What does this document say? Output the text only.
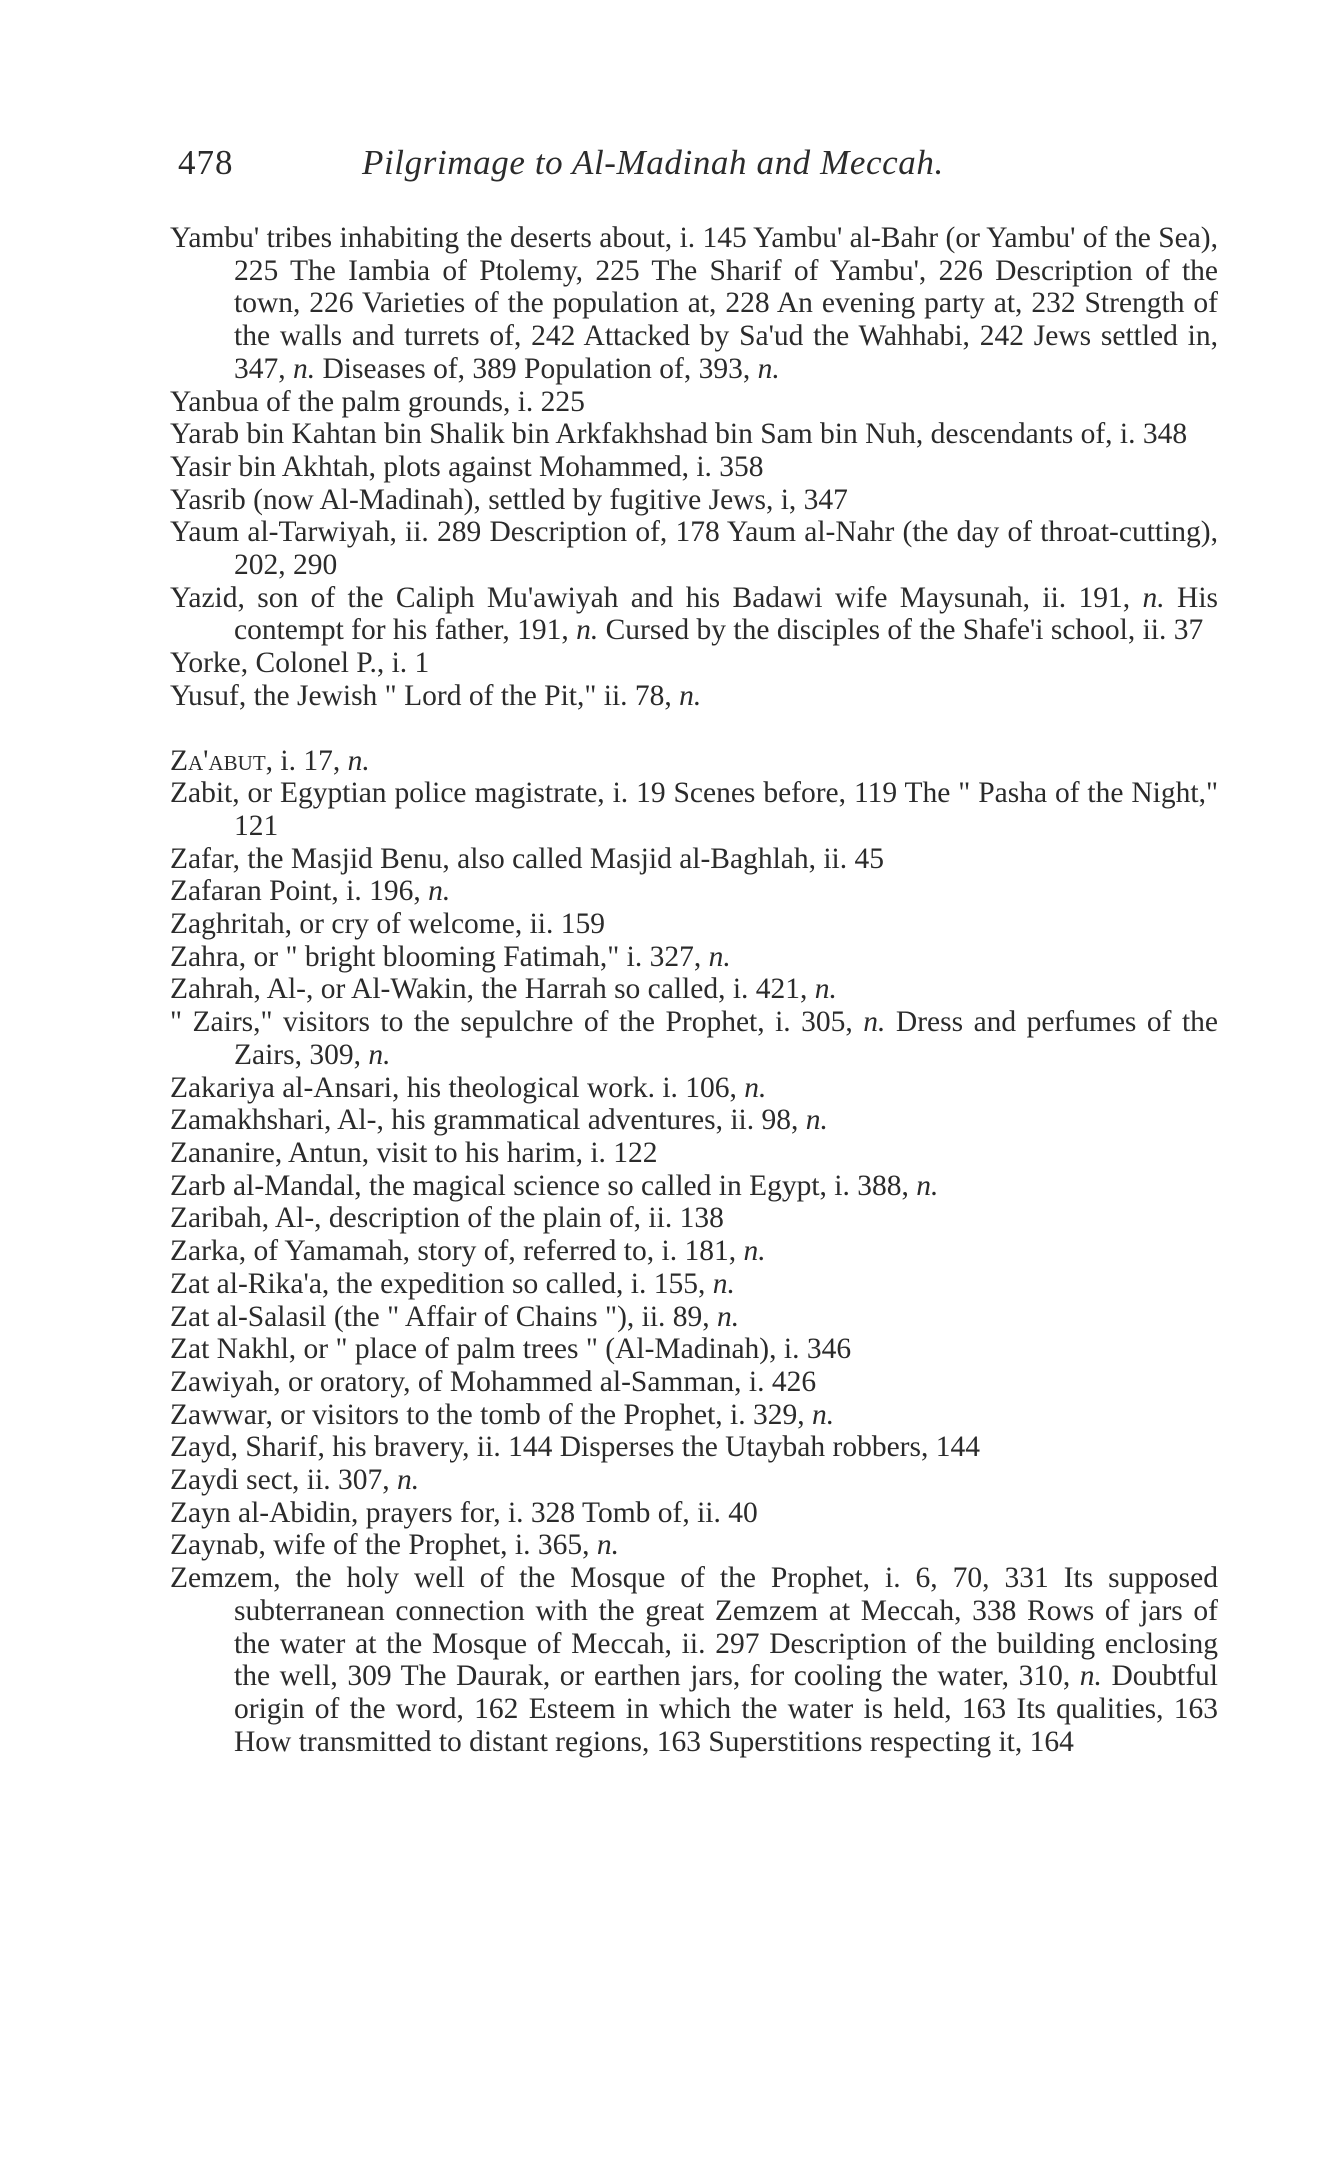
478	Pilgrimage to Al-Madinah and Meccah.

Yambu' tribes inhabiting the deserts about, i. 145 Yambu' al-Bahr (or Yambu' of the Sea), 225 The Iambia of Ptolemy, 225 The Sharif of Yambu', 226 Description of the town, 226 Varieties of the population at, 228 An evening party at, 232 Strength of the walls and turrets of, 242 Attacked by Sa'ud the Wahhabi, 242 Jews settled in, 347, n. Diseases of, 389 Population of, 393, n.

Yanbua of the palm grounds, i. 225

Yarab bin Kahtan bin Shalik bin Arkfakhshad bin Sam bin Nuh, descendants of, i. 348

Yasir bin Akhtah, plots against Mohammed, i. 358

Yasrib (now Al-Madinah), settled by fugitive Jews, i, 347

Yaum al-Tarwiyah, ii. 289 Description of, 178 Yaum al-Nahr (the day of throat-cutting), 202, 290

Yazid, son of the Caliph Mu'awiyah and his Badawi wife Maysunah, ii. 191, n. His contempt for his father, 191, n. Cursed by the disciples of the Shafe'i school, ii. 37

Yorke, Colonel P., i. 1

Yusuf, the Jewish " Lord of the Pit," ii. 78, n.

Za'abut, i. 17, n.

Zabit, or Egyptian police magistrate, i. 19 Scenes before, 119 The " Pasha of the Night," 121

Zafar, the Masjid Benu, also called Masjid al-Baghlah, ii. 45

Zafaran Point, i. 196, n.

Zaghritah, or cry of welcome, ii. 159

Zahra, or " bright blooming Fatimah," i. 327, n.

Zahrah, Al-, or Al-Wakin, the Harrah so called, i. 421, n.

" Zairs," visitors to the sepulchre of the Prophet, i. 305, n. Dress and perfumes of the Zairs, 309, n.

Zakariya al-Ansari, his theological work. i. 106, n.

Zamakhshari, Al-, his grammatical adventures, ii. 98, n.

Zananire, Antun, visit to his harim, i. 122

Zarb al-Mandal, the magical science so called in Egypt, i. 388, n.

Zaribah, Al-, description of the plain of, ii. 138

Zarka, of Yamamah, story of, referred to, i. 181, n.

Zat al-Rika'a, the expedition so called, i. 155, n.

Zat al-Salasil (the " Affair of Chains "), ii. 89, n.

Zat Nakhl, or " place of palm trees " (Al-Madinah), i. 346

Zawiyah, or oratory, of Mohammed al-Samman, i. 426

Zawwar, or visitors to the tomb of the Prophet, i. 329, n.

Zayd, Sharif, his bravery, ii. 144 Disperses the Utaybah robbers, 144

Zaydi sect, ii. 307, n.

Zayn al-Abidin, prayers for, i. 328 Tomb of, ii. 40

Zaynab, wife of the Prophet, i. 365, n.

Zemzem, the holy well of the Mosque of the Prophet, i. 6, 70, 331 Its supposed subterranean connection with the great Zemzem at Meccah, 338 Rows of jars of the water at the Mosque of Meccah, ii. 297 Description of the building enclosing the well, 309 The Daurak, or earthen jars, for cooling the water, 310, n. Doubtful origin of the word, 162 Esteem in which the water is held, 163 Its qualities, 163 How transmitted to distant regions, 163 Superstitions respecting it, 164
